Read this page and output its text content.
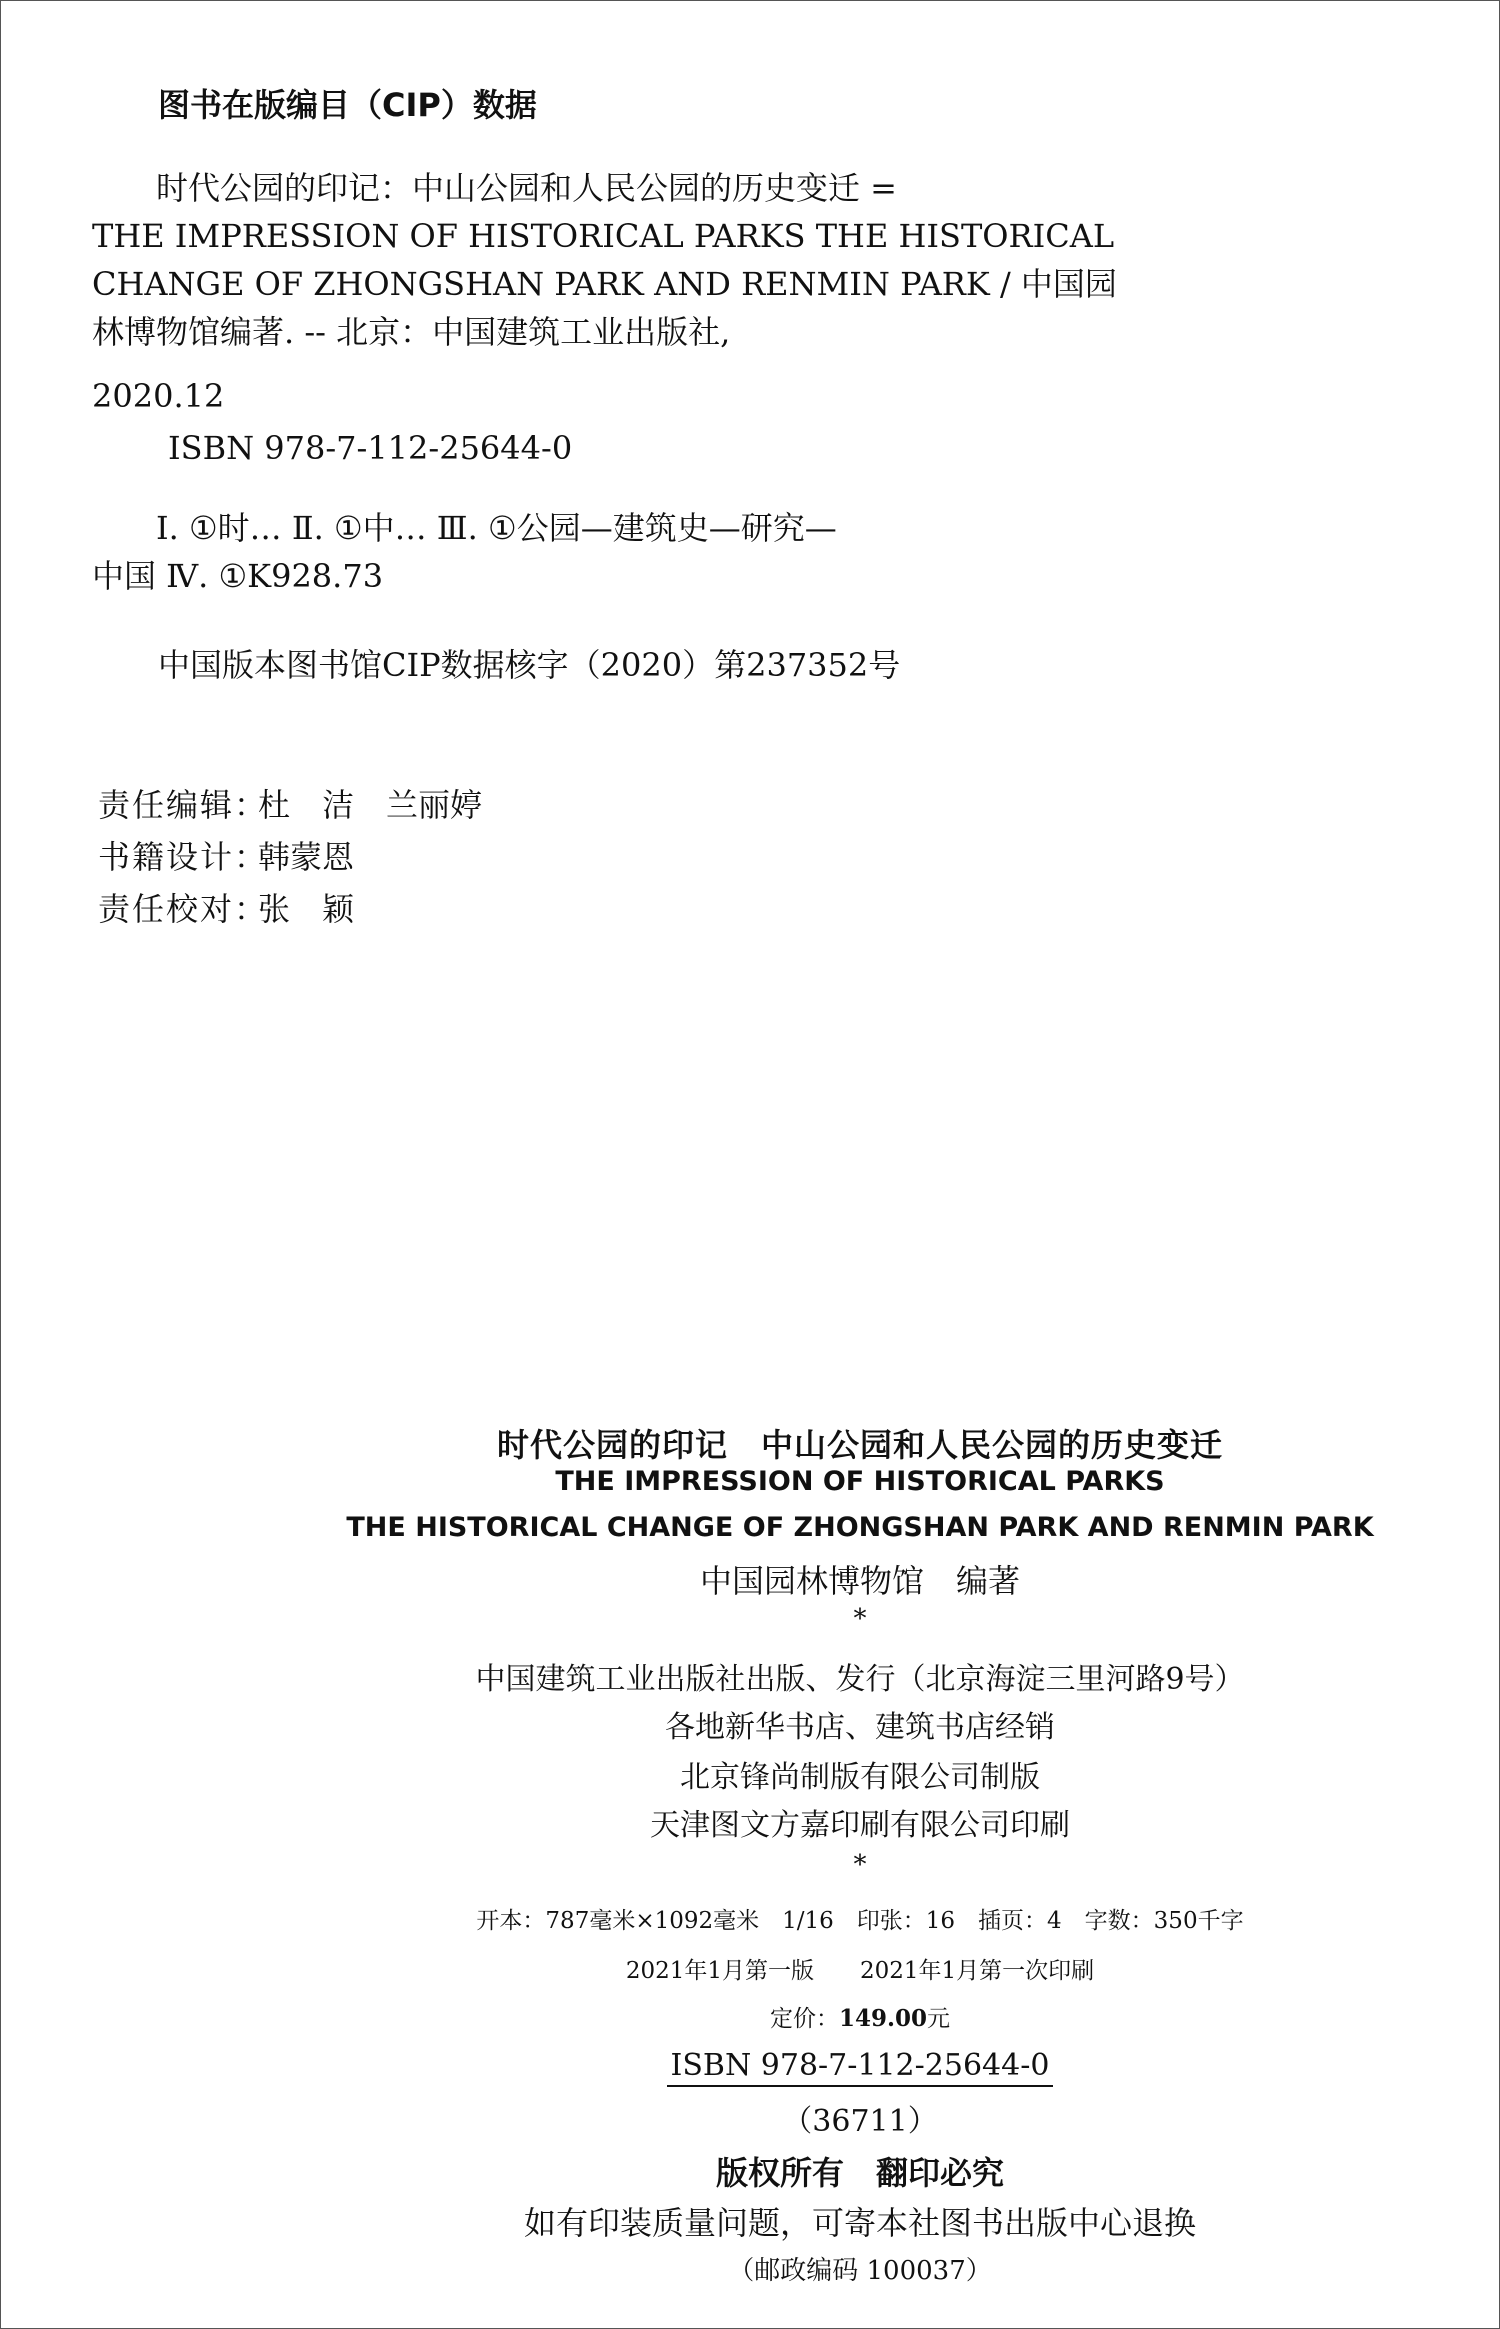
图书在版编目（CIP）数据
时代公园的印记：中山公园和人民公园的历史变迁 =
THE IMPRESSION OF HISTORICAL PARKS THE HISTORICAL
CHANGE OF ZHONGSHAN PARK AND RENMIN PARK / 中国园
林博物馆编著. -- 北京：中国建筑工业出版社,
2020.12
ISBN 978-7-112-25644-0
Ⅰ. ①时… Ⅱ. ①中… Ⅲ. ①公园—建筑史—研究—
中国 Ⅳ. ①K928.73
中国版本图书馆CIP数据核字（2020）第237352号
责任编辑：杜　洁　兰丽婷
书籍设计：韩蒙恩
责任校对：张　颖
时代公园的印记　中山公园和人民公园的历史变迁
THE IMPRESSION OF HISTORICAL PARKS
THE HISTORICAL CHANGE OF ZHONGSHAN PARK AND RENMIN PARK
中国园林博物馆　编著
*
中国建筑工业出版社出版、发行（北京海淀三里河路9号）
各地新华书店、建筑书店经销
北京锋尚制版有限公司制版
天津图文方嘉印刷有限公司印刷
*
开本：787毫米×1092毫米　1/16　印张：16　插页：4　字数：350千字
2021年1月第一版　　2021年1月第一次印刷
定价：149.00元
ISBN 978-7-112-25644-0
（36711）
版权所有　翻印必究
如有印装质量问题，可寄本社图书出版中心退换
（邮政编码 100037）
